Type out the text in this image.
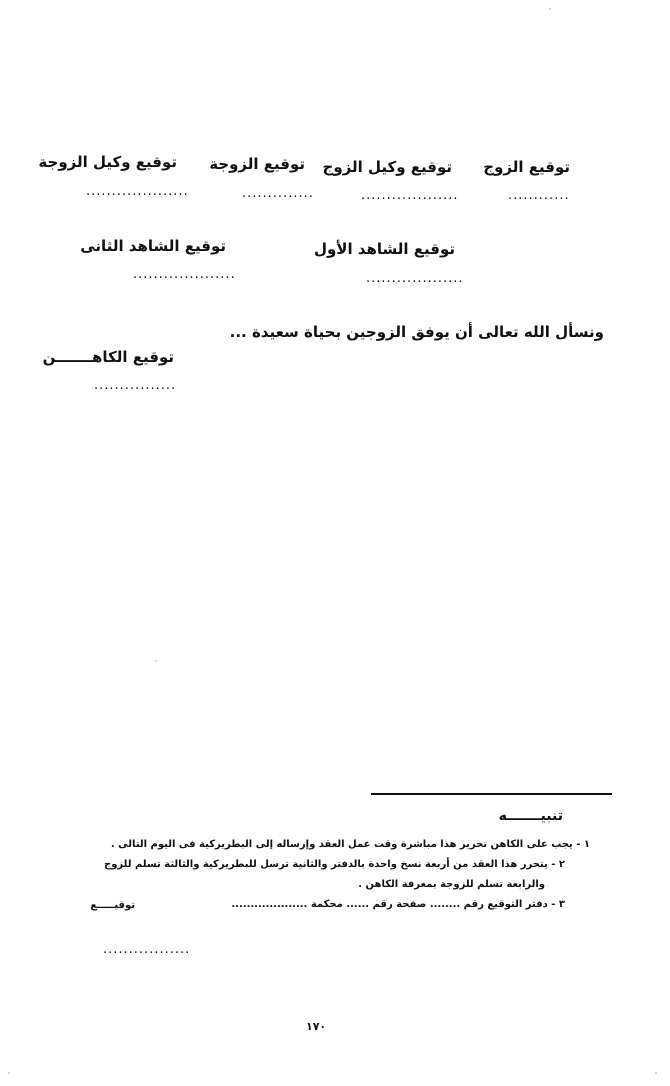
توقيع الزوج
............
توقيع وكيل الزوج
...................
توقيع الزوجة
..............
توقيع وكيل الزوجة
....................
توقيع الشاهد الأول
...................
توقيع الشاهد الثانى
....................
ونسأل الله تعالى أن يوفق الزوجين بحياة سعيدة ...
توقيع الكاهـــــــن
................
تنبيـــــــه
١ - يجب على الكاهن تحرير هذا مباشرة وقت عمل العقد وإرساله إلى البطريركية فى اليوم التالى .
٢ - يتحرر هذا العقد من أربعة نسخ واحدة بالدفتر والثانية ترسل للبطريركية والثالثة تسلم للزوج
والرابعة تسلم للزوجة بمعرفة الكاهن .
٣ - دفتر التوقيع رقم ........ صفحة رقم ...... محكمة ....................
توقيـــــع
.................
١٧٠
